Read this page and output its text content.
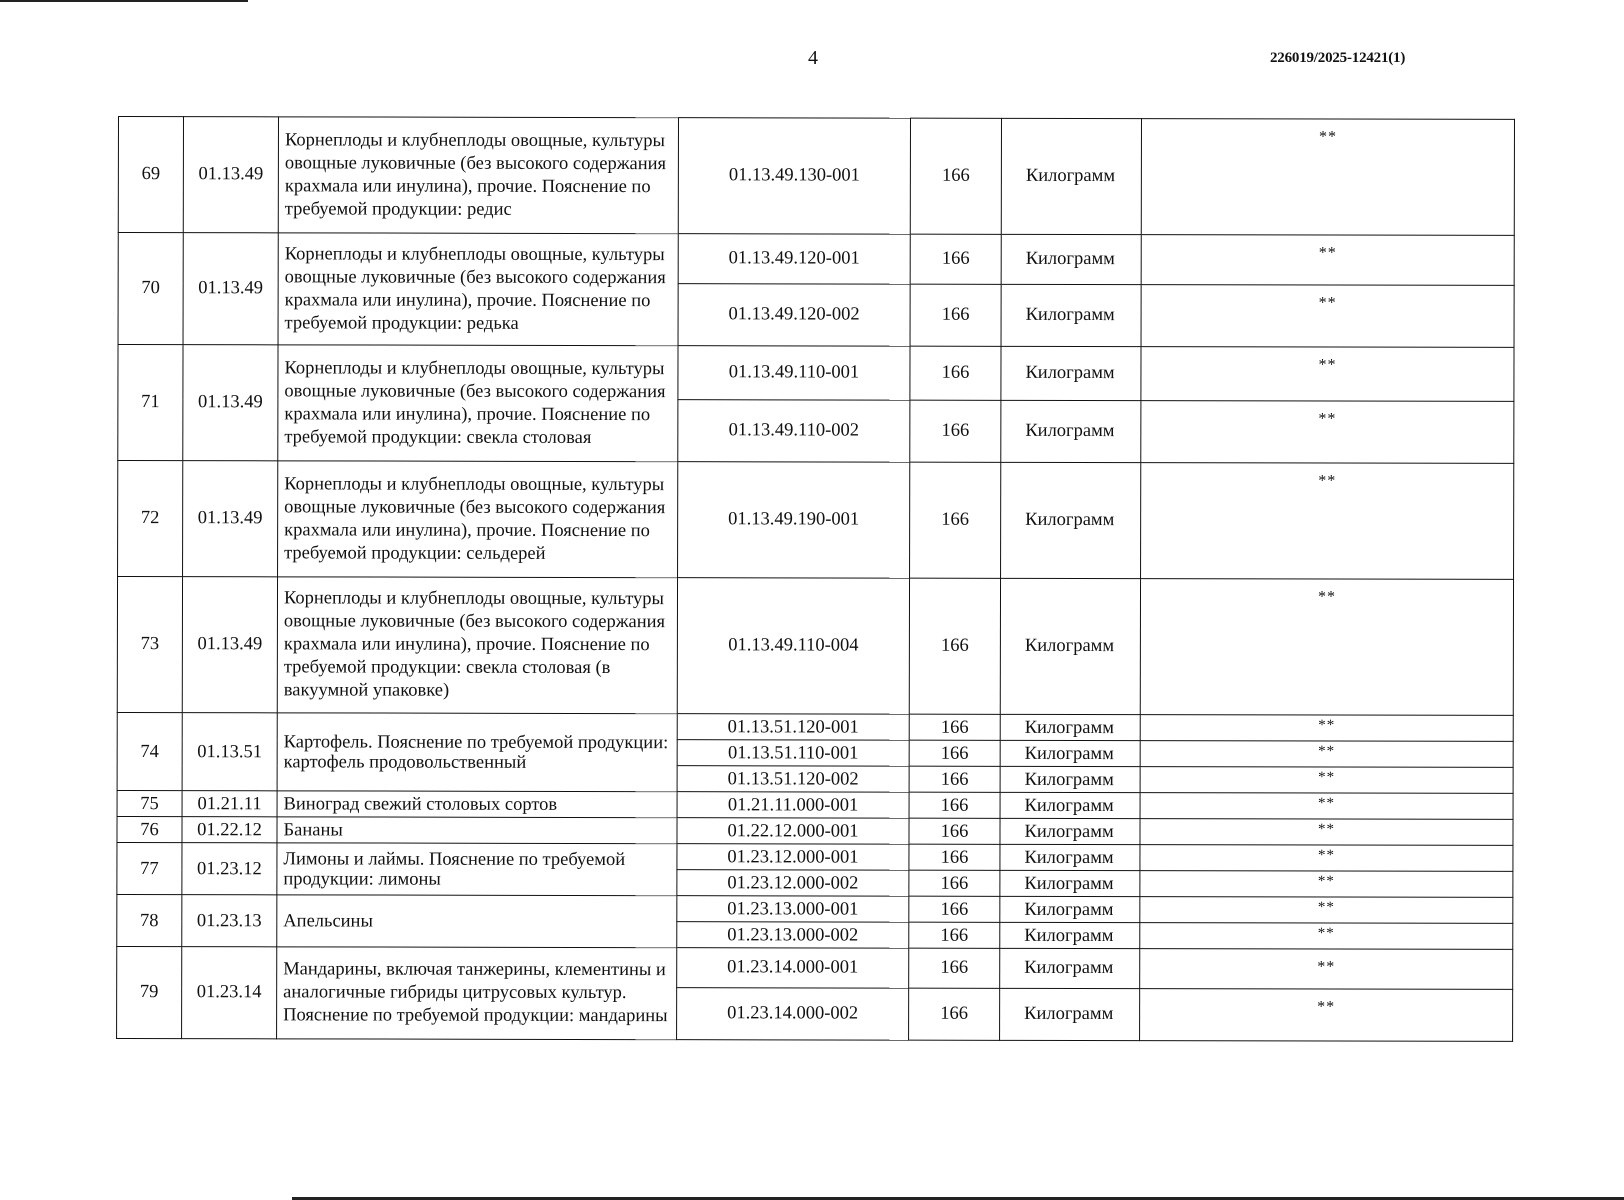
4	226019/2025-12421(1)
69	01.13.49	Корнеплоды и клубнеплоды овощные, культуры овощные луковичные (без высокого содержания крахмала или инулина), прочие. Пояснение по требуемой продукции: редис	01.13.49.130-001	166	Килограмм	**
70	01.13.49	Корнеплоды и клубнеплоды овощные, культуры овощные луковичные (без высокого содержания крахмала или инулина), прочие. Пояснение по требуемой продукции: редька	01.13.49.120-001	166	Килограмм	**
			01.13.49.120-002	166	Килограмм	**
71	01.13.49	Корнеплоды и клубнеплоды овощные, культуры овощные луковичные (без высокого содержания крахмала или инулина), прочие. Пояснение по требуемой продукции: свекла столовая	01.13.49.110-001	166	Килограмм	**
			01.13.49.110-002	166	Килограмм	**
72	01.13.49	Корнеплоды и клубнеплоды овощные, культуры овощные луковичные (без высокого содержания крахмала или инулина), прочие. Пояснение по требуемой продукции: сельдерей	01.13.49.190-001	166	Килограмм	**
73	01.13.49	Корнеплоды и клубнеплоды овощные, культуры овощные луковичные (без высокого содержания крахмала или инулина), прочие. Пояснение по требуемой продукции: свекла столовая (в вакуумной упаковке)	01.13.49.110-004	166	Килограмм	**
74	01.13.51	Картофель. Пояснение по требуемой продукции: картофель продовольственный	01.13.51.120-001	166	Килограмм	**
			01.13.51.110-001	166	Килограмм	**
			01.13.51.120-002	166	Килограмм	**
75	01.21.11	Виноград свежий столовых сортов	01.21.11.000-001	166	Килограмм	**
76	01.22.12	Бананы	01.22.12.000-001	166	Килограмм	**
77	01.23.12	Лимоны и лаймы. Пояснение по требуемой продукции: лимоны	01.23.12.000-001	166	Килограмм	**
			01.23.12.000-002	166	Килограмм	**
78	01.23.13	Апельсины	01.23.13.000-001	166	Килограмм	**
			01.23.13.000-002	166	Килограмм	**
79	01.23.14	Мандарины, включая танжерины, клементины и аналогичные гибриды цитрусовых культур. Пояснение по требуемой продукции: мандарины	01.23.14.000-001	166	Килограмм	**
			01.23.14.000-002	166	Килограмм	**
